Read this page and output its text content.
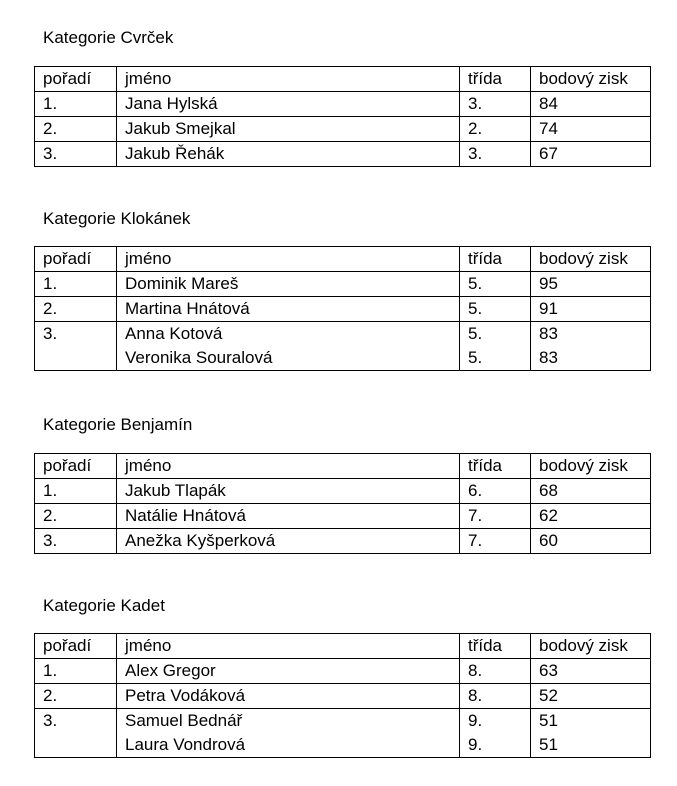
Kategorie Cvrček
pořadí	jméno	třída	bodový zisk
1.	Jana Hylská	3.	84
2.	Jakub Smejkal	2.	74
3.	Jakub Řehák	3.	67
Kategorie Klokánek
pořadí	jméno	třída	bodový zisk
1.	Dominik Mareš	5.	95
2.	Martina Hnátová	5.	91
3.	Anna Kotová	5.	83
	Veronika Souralová	5.	83
Kategorie Benjamín
pořadí	jméno	třída	bodový zisk
1.	Jakub Tlapák	6.	68
2.	Natálie Hnátová	7.	62
3.	Anežka Kyšperková	7.	60
Kategorie Kadet
pořadí	jméno	třída	bodový zisk
1.	Alex Gregor	8.	63
2.	Petra Vodáková	8.	52
3.	Samuel Bednář	9.	51
	Laura Vondrová	9.	51
